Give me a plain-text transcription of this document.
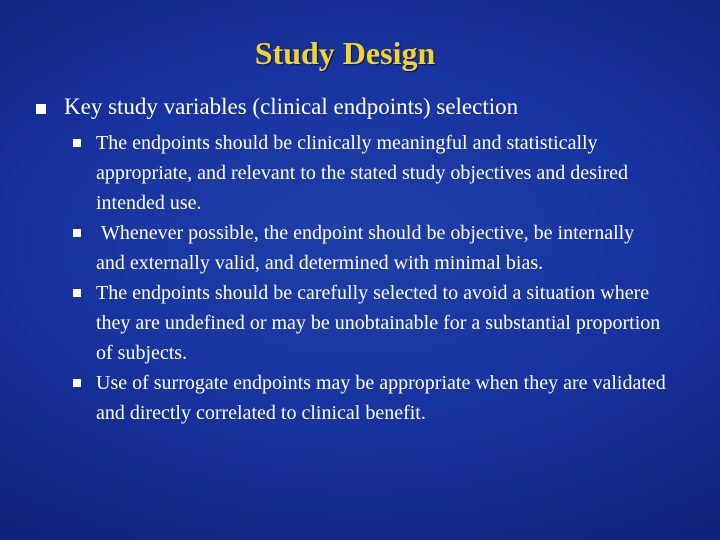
Study Design
Key study variables (clinical endpoints) selection
The endpoints should be clinically meaningful and statistically appropriate, and relevant to the stated study objectives and desired intended use.
Whenever possible, the endpoint should be objective, be internally and externally valid, and determined with minimal bias.
The endpoints should be carefully selected to avoid a situation where they are undefined or may be unobtainable for a substantial proportion of subjects.
Use of surrogate endpoints may be appropriate when they are validated and directly correlated to clinical benefit.
